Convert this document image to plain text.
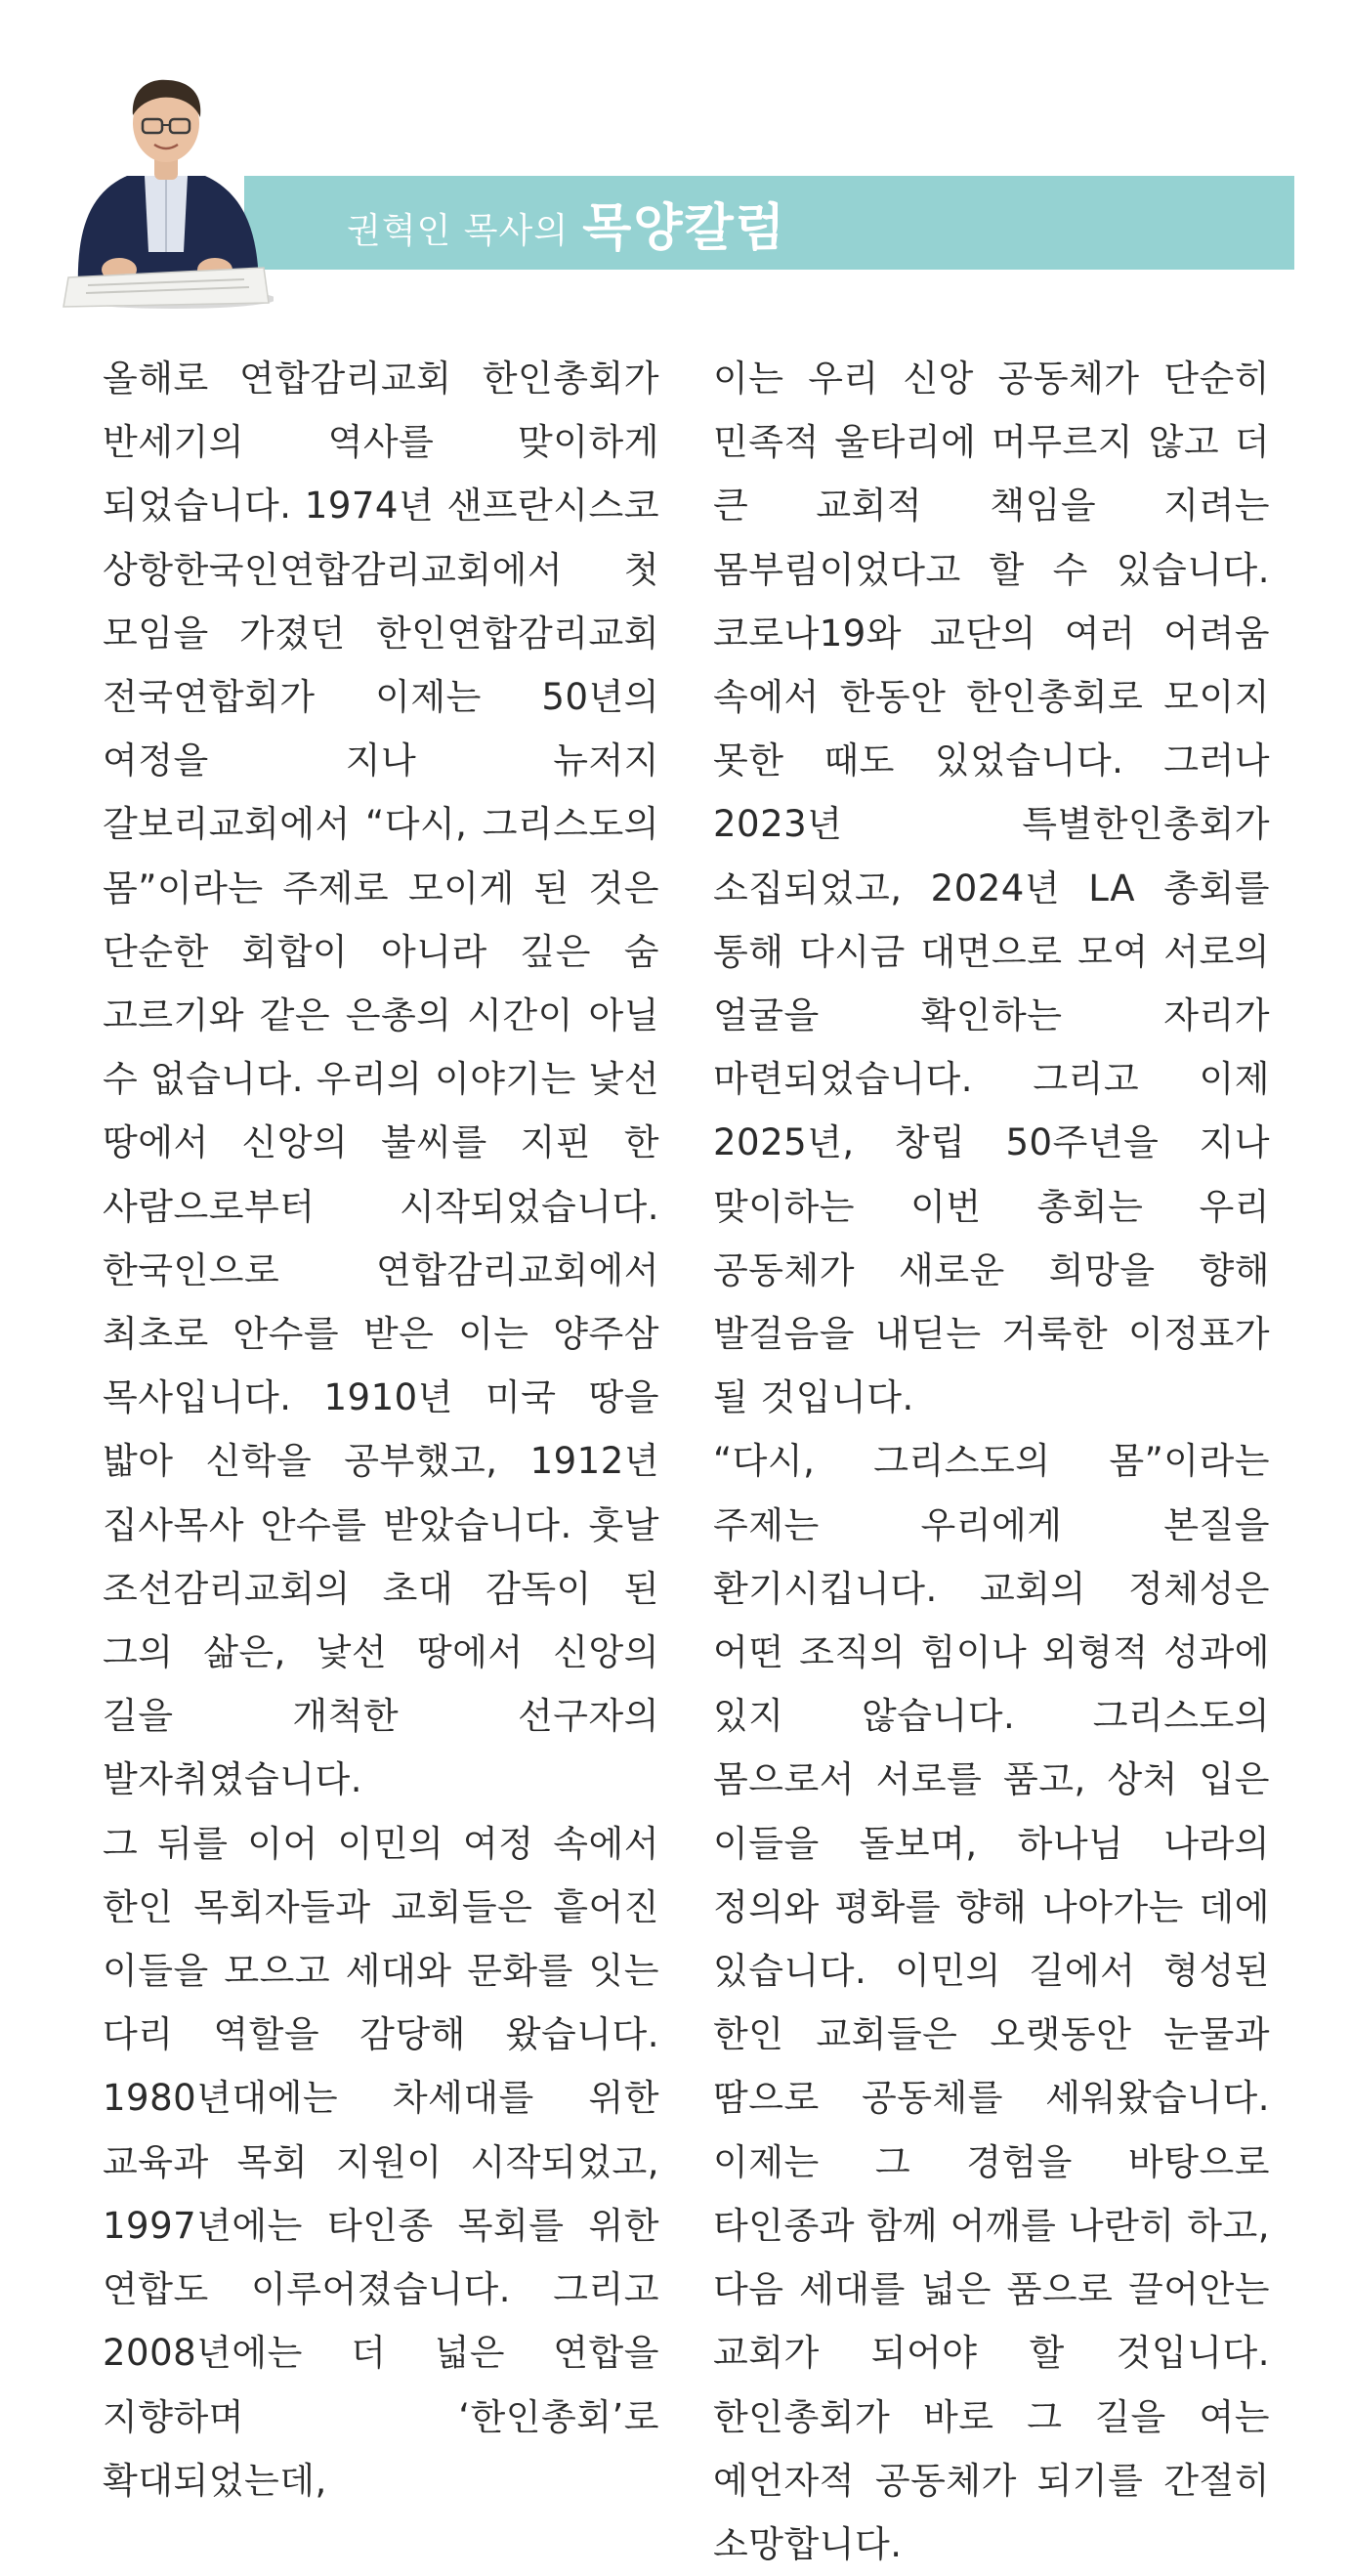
권혁인 목사의 목양칼럼

올해로 연합감리교회 한인총회가 반세기의 역사를 맞이하게 되었습니다. 1974년 샌프란시스코 상항한국인연합감리교회에서 첫 모임을 가졌던 한인연합감리교회 전국연합회가 이제는 50년의 여정을 지나 뉴저지 갈보리교회에서 “다시, 그리스도의 몸”이라는 주제로 모이게 된 것은 단순한 회합이 아니라 깊은 숨 고르기와 같은 은총의 시간이 아닐 수 없습니다. 우리의 이야기는 낯선 땅에서 신앙의 불씨를 지핀 한 사람으로부터 시작되었습니다. 한국인으로 연합감리교회에서 최초로 안수를 받은 이는 양주삼 목사입니다. 1910년 미국 땅을 밟아 신학을 공부했고, 1912년 집사목사 안수를 받았습니다. 훗날 조선감리교회의 초대 감독이 된 그의 삶은, 낯선 땅에서 신앙의 길을 개척한 선구자의 발자취였습니다.

그 뒤를 이어 이민의 여정 속에서 한인 목회자들과 교회들은 흩어진 이들을 모으고 세대와 문화를 잇는 다리 역할을 감당해 왔습니다. 1980년대에는 차세대를 위한 교육과 목회 지원이 시작되었고, 1997년에는 타인종 목회를 위한 연합도 이루어졌습니다. 그리고 2008년에는 더 넓은 연합을 지향하며 ‘한인총회’로 확대되었는데,

이는 우리 신앙 공동체가 단순히 민족적 울타리에 머무르지 않고 더 큰 교회적 책임을 지려는 몸부림이었다고 할 수 있습니다. 코로나19와 교단의 여러 어려움 속에서 한동안 한인총회로 모이지 못한 때도 있었습니다. 그러나 2023년 특별한인총회가 소집되었고, 2024년 LA 총회를 통해 다시금 대면으로 모여 서로의 얼굴을 확인하는 자리가 마련되었습니다. 그리고 이제 2025년, 창립 50주년을 지나 맞이하는 이번 총회는 우리 공동체가 새로운 희망을 향해 발걸음을 내딛는 거룩한 이정표가 될 것입니다.

“다시, 그리스도의 몸”이라는 주제는 우리에게 본질을 환기시킵니다. 교회의 정체성은 어떤 조직의 힘이나 외형적 성과에 있지 않습니다. 그리스도의 몸으로서 서로를 품고, 상처 입은 이들을 돌보며, 하나님 나라의 정의와 평화를 향해 나아가는 데에 있습니다. 이민의 길에서 형성된 한인 교회들은 오랫동안 눈물과 땀으로 공동체를 세워왔습니다. 이제는 그 경험을 바탕으로 타인종과 함께 어깨를 나란히 하고, 다음 세대를 넓은 품으로 끌어안는 교회가 되어야 할 것입니다. 한인총회가 바로 그 길을 여는 예언자적 공동체가 되기를 간절히 소망합니다.
